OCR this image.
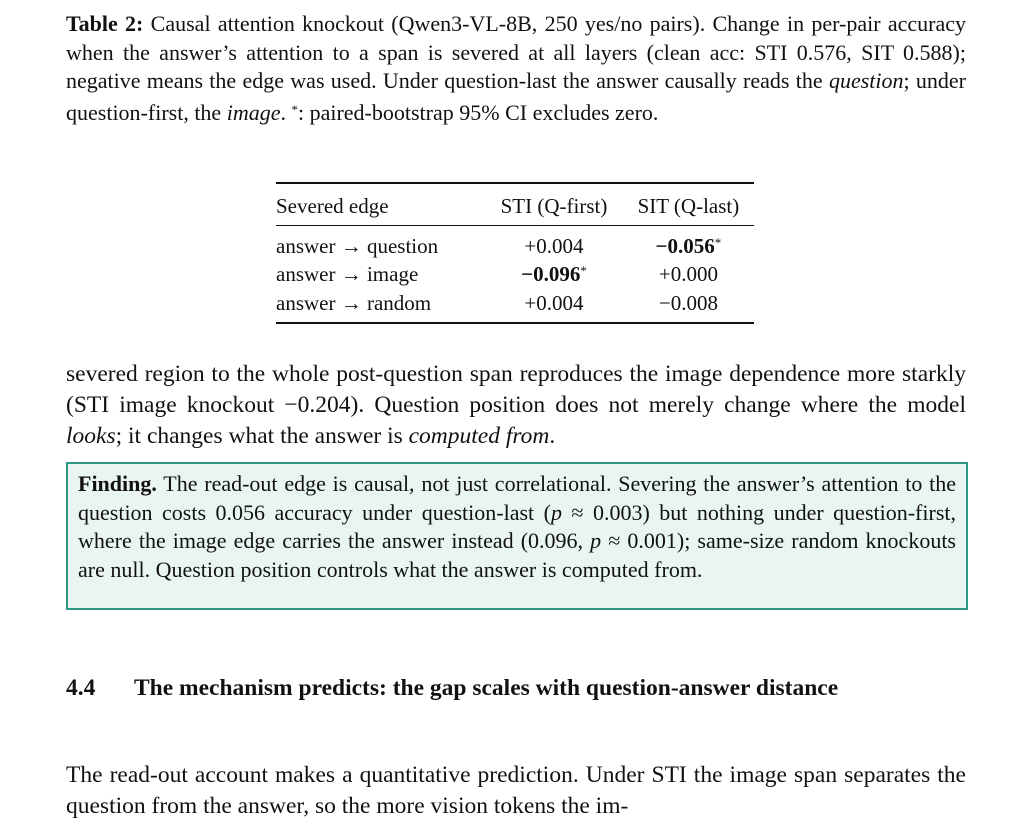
Table 2: Causal attention knockout (Qwen3-VL-8B, 250 yes/no pairs). Change in per-pair accuracy when the answer’s attention to a span is severed at all layers (clean acc: STI 0.576, SIT 0.588); negative means the edge was used. Under question-last the answer causally reads the question; under question-first, the image. *: paired-bootstrap 95% CI excludes zero.

Severed edge	STI (Q-first)	SIT (Q-last)
answer → question	+0.004	−0.056*
answer → image	−0.096*	+0.000
answer → random	+0.004	−0.008

severed region to the whole post-question span reproduces the image dependence more starkly (STI image knockout −0.204). Question position does not merely change where the model looks; it changes what the answer is computed from.

Finding. The read-out edge is causal, not just correlational. Severing the answer’s attention to the question costs 0.056 accuracy under question-last (p ≈ 0.003) but nothing under question-first, where the image edge carries the answer instead (0.096, p ≈ 0.001); same-size random knockouts are null. Question position controls what the answer is computed from.
4.4 The mechanism predicts: the gap scales with question-answer distance

The read-out account makes a quantitative prediction. Under STI the image span separates the question from the answer, so the more vision tokens the im-
